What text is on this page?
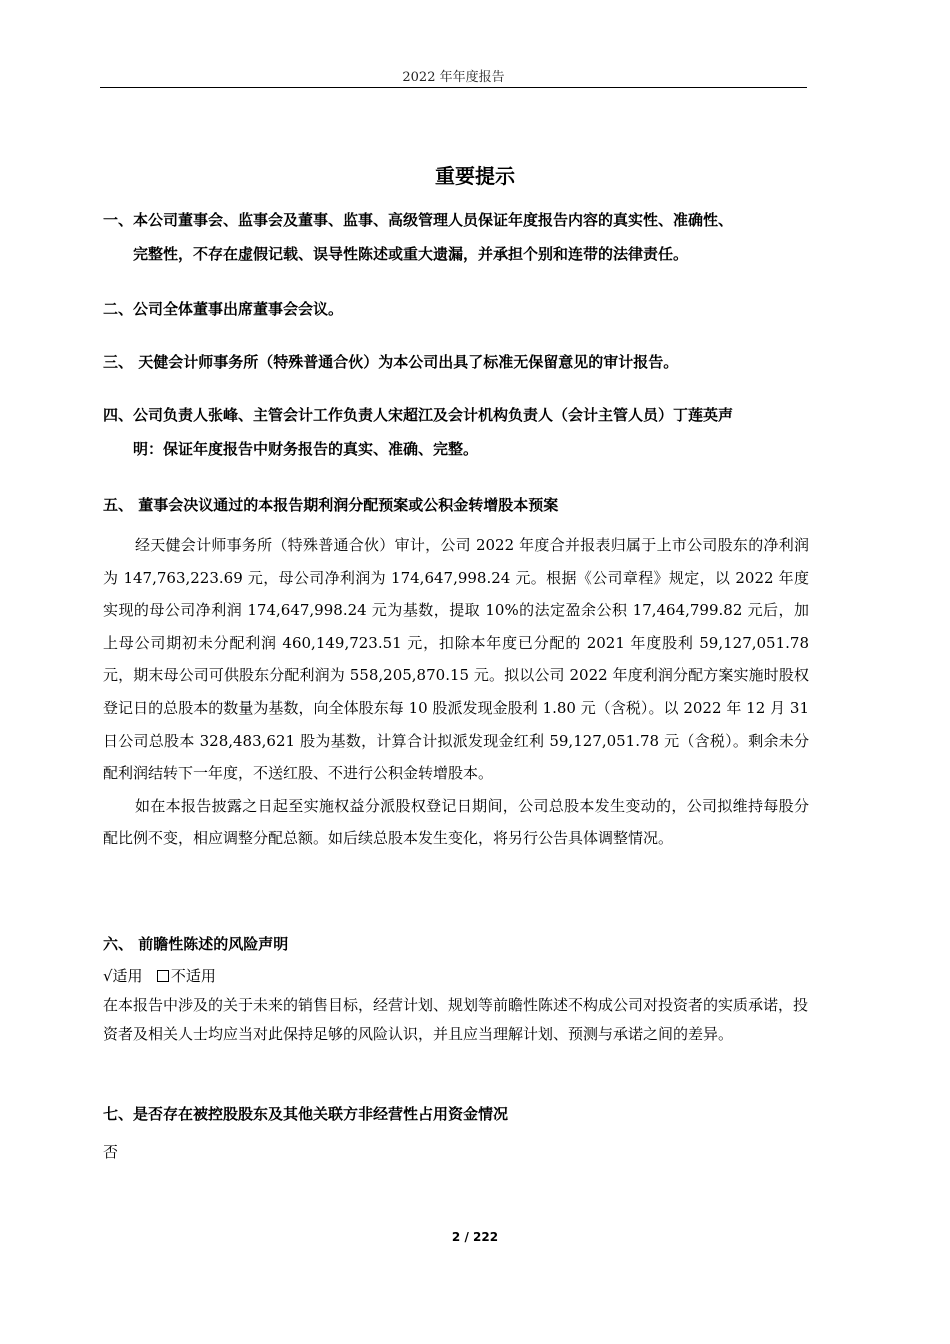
2022 年年度报告
重要提示
一、本公司董事会、监事会及董事、监事、高级管理人员保证年度报告内容的真实性、准确性、
完整性，不存在虚假记载、误导性陈述或重大遗漏，并承担个别和连带的法律责任。
二、公司全体董事出席董事会会议。
三、 天健会计师事务所（特殊普通合伙）为本公司出具了标准无保留意见的审计报告。
四、公司负责人张峰、主管会计工作负责人宋超江及会计机构负责人（会计主管人员）丁莲英声
明：保证年度报告中财务报告的真实、准确、完整。
五、 董事会决议通过的本报告期利润分配预案或公积金转增股本预案

经天健会计师事务所（特殊普通合伙）审计，公司 2022 年度合并报表归属于上市公司股东的净利润为 147,763,223.69 元，母公司净利润为 174,647,998.24 元。根据《公司章程》规定，以 2022 年度实现的母公司净利润 174,647,998.24 元为基数，提取 10%的法定盈余公积 17,464,799.82 元后，加上母公司期初未分配利润 460,149,723.51 元，扣除本年度已分配的 2021 年度股利 59,127,051.78 元，期末母公司可供股东分配利润为 558,205,870.15 元。拟以公司 2022 年度利润分配方案实施时股权登记日的总股本的数量为基数，向全体股东每 10 股派发现金股利 1.80 元（含税）。以 2022 年 12 月 31 日公司总股本 328,483,621 股为基数，计算合计拟派发现金红利 59,127,051.78 元（含税）。剩余未分配利润结转下一年度，不送红股、不进行公积金转增股本。

如在本报告披露之日起至实施权益分派股权登记日期间，公司总股本发生变动的，公司拟维持每股分配比例不变，相应调整分配总额。如后续总股本发生变化，将另行公告具体调整情况。

六、 前瞻性陈述的风险声明
√适用 不适用
在本报告中涉及的关于未来的销售目标，经营计划、规划等前瞻性陈述不构成公司对投资者的实质承诺，投资者及相关人士均应当对此保持足够的风险认识，并且应当理解计划、预测与承诺之间的差异。
七、是否存在被控股股东及其他关联方非经营性占用资金情况
否
2 / 222
